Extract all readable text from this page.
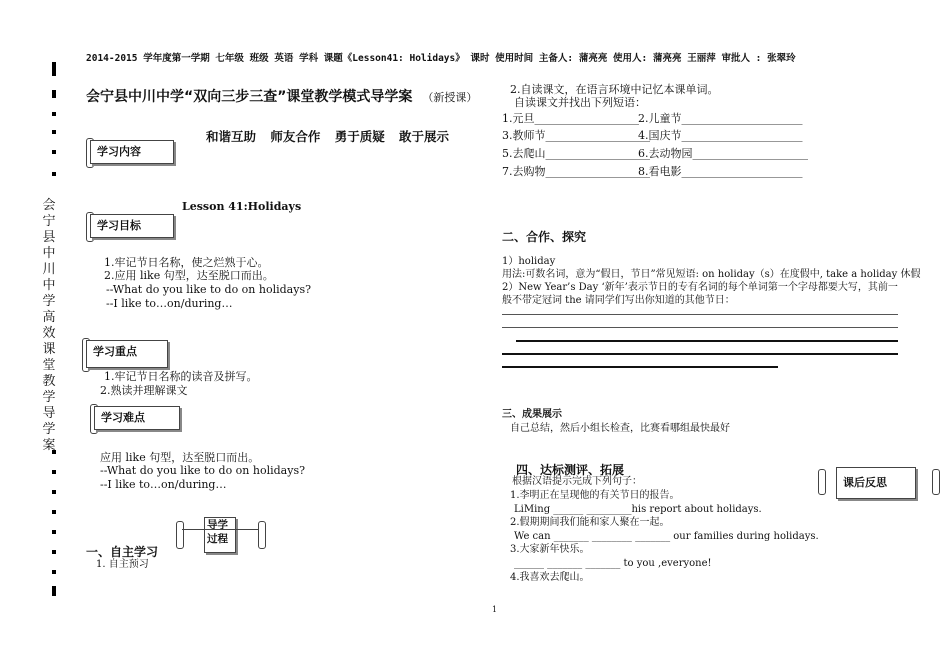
2014-2015 学年度第一学期 七年级 班级 英语 学科 课题《Lesson41: Holidays》 课时 使用时间 主备人: 蒲亮亮 使用人: 蒲亮亮 王丽萍 审批人 : 张翠玲
会
宁
县
中
川
中
学
高
效
课
堂
教
学
导
学
案
会宁县中川中学“双向三步三查”课堂教学模式导学案 （新授课）
和谐互助 师友合作 勇于质疑 敢于展示
学习内容
Lesson 41:Holidays
学习目标
1.牢记节日名称，使之烂熟于心。
2.应用 like 句型，达至脱口而出。
--What do you like to do on holidays?
--I like to…on/during…
学习重点
1.牢记节日名称的读音及拼写。
2.熟读并理解课文
学习难点
应用 like 句型，达至脱口而出。
--What do you like to do on holidays?
--I like to…on/during…
导学过程
一、自主学习
1. 自主预习
2.自读课文，在语言环境中记忆本课单词。
自读课文并找出下列短语：
1.元旦___________________ 2.儿童节______________________
3.教师节___________________
4.国庆节______________________
5.去爬山___________________
6.去动物园_____________________
7.去购物___________________
8.看电影______________________
二、合作、探究
1）holiday
用法:可数名词，意为“假日，节日”常见短语: on holiday（s）在度假中, take a holiday 休假
2）New Year’s Day ‘新年’表示节日的专有名词的每个单词第一个字母都要大写，其前一
般不带定冠词 the 请同学们写出你知道的其他节日：
三、成果展示
自己总结，然后小组长检查，比赛看哪组最快最好
四、达标测评、拓展
根据汉语提示完成下列句子：
1.李明正在呈现他的有关节日的报告。
LiMing ______ _________his report about holidays.
2.假期期间我们能和家人聚在一起。
We can _______ ________ _______ our families during holidays.
3.大家新年快乐。
______ _______ _______ to you ,everyone!
4.我喜欢去爬山。
课后反思
1
